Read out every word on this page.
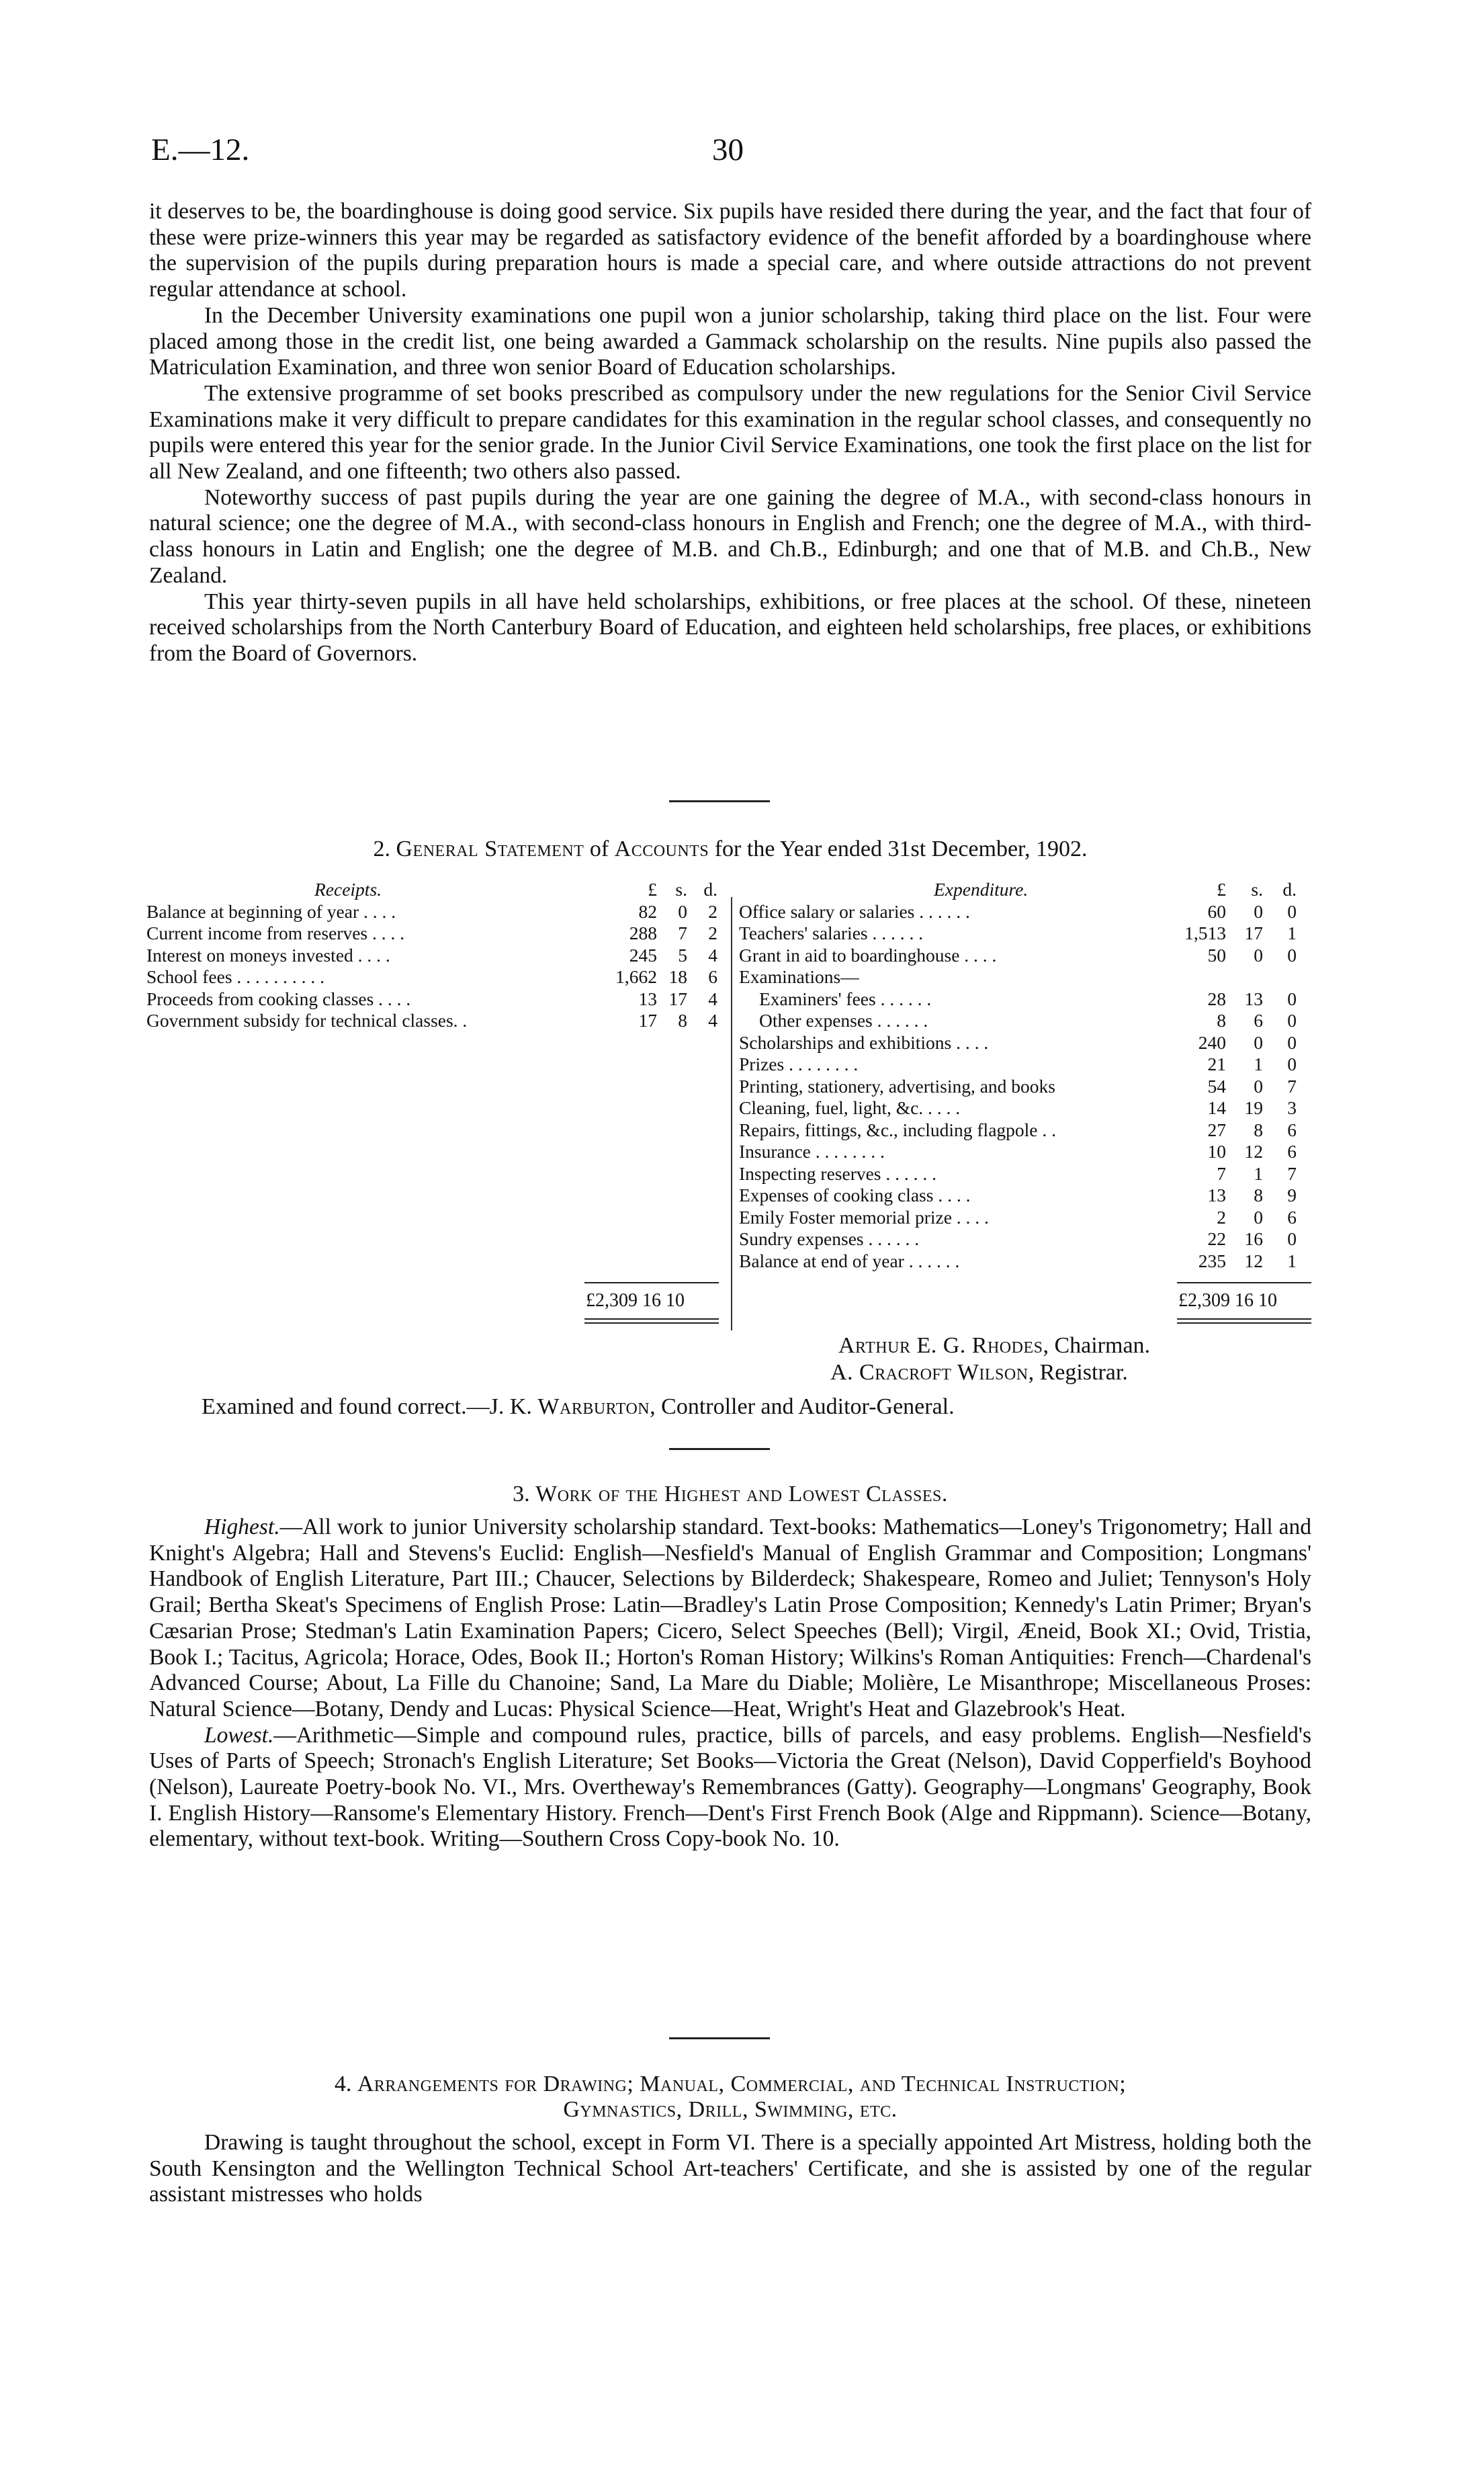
E.—12.	30

it deserves to be, the boardinghouse is doing good service. Six pupils have resided there during the year, and the fact that four of these were prize-winners this year may be regarded as satisfactory evidence of the benefit afforded by a boardinghouse where the supervision of the pupils during preparation hours is made a special care, and where outside attractions do not prevent regular attendance at school.

In the December University examinations one pupil won a junior scholarship, taking third place on the list. Four were placed among those in the credit list, one being awarded a Gammack scholarship on the results. Nine pupils also passed the Matriculation Examination, and three won senior Board of Education scholarships.

The extensive programme of set books prescribed as compulsory under the new regulations for the Senior Civil Service Examinations make it very difficult to prepare candidates for this examination in the regular school classes, and consequently no pupils were entered this year for the senior grade. In the Junior Civil Service Examinations, one took the first place on the list for all New Zealand, and one fifteenth; two others also passed.

Noteworthy success of past pupils during the year are one gaining the degree of M.A., with second-class honours in natural science; one the degree of M.A., with second-class honours in English and French; one the degree of M.A., with third-class honours in Latin and English; one the degree of M.B. and Ch.B., Edinburgh; and one that of M.B. and Ch.B., New Zealand.

This year thirty-seven pupils in all have held scholarships, exhibitions, or free places at the school. Of these, nineteen received scholarships from the North Canterbury Board of Education, and eighteen held scholarships, free places, or exhibitions from the Board of Governors.

2. General Statement of Accounts for the Year ended 31st December, 1902.
Receipts.	£ s. d.
Balance at beginning of year . . . .	82	0	2
Current income from reserves . . . .	288	7	2
Interest on moneys invested . . . .	245	5	4
School fees . . . . . . . . . .	1,662 18	6
Proceeds from cooking classes . . . .	13 17	4
Government subsidy for technical classes. .	17	8	4
Expenditure.	£	s.	d.
Office salary or salaries . . . . . .	60	0	0
Teachers' salaries . . . . . .	1,513	17	1
Grant in aid to boardinghouse . . . .	50	0	0
Examinations—
Examiners' fees . . . . . .	28	13	0
Other expenses . . . . . .	8	6	0
Scholarships and exhibitions . . . .	240	0	0
Prizes . . . . . . . .	21	1	0
Printing, stationery, advertising, and books	54	0	7
Cleaning, fuel, light, &c. . . . .	14	19	3
Repairs, fittings, &c., including flagpole . .	27	8	6
Insurance . . . . . . . .	10	12	6
Inspecting reserves . . . . . .	7	1	7
Expenses of cooking class . . . .	13	8	9
Emily Foster memorial prize . . . .	2	0	6
Sundry expenses . . . . . .	22	16	0
Balance at end of year . . . . . .	235	12	1
£2,309 16 10	£2,309 16 10
Arthur E. G. Rhodes, Chairman.
A. Cracroft Wilson, Registrar.
Examined and found correct.—J. K. Warburton, Controller and Auditor-General.
3. Work of the Highest and Lowest Classes.

Highest.—All work to junior University scholarship standard. Text-books: Mathematics—Loney's Trigonometry; Hall and Knight's Algebra; Hall and Stevens's Euclid: English—Nesfield's Manual of English Grammar and Composition; Longmans' Handbook of English Literature, Part III.; Chaucer, Selections by Bilderdeck; Shakespeare, Romeo and Juliet; Tennyson's Holy Grail; Bertha Skeat's Specimens of English Prose: Latin—Bradley's Latin Prose Composition; Kennedy's Latin Primer; Bryan's Cæsarian Prose; Stedman's Latin Examination Papers; Cicero, Select Speeches (Bell); Virgil, Æneid, Book XI.; Ovid, Tristia, Book I.; Tacitus, Agricola; Horace, Odes, Book II.; Horton's Roman History; Wilkins's Roman Antiquities: French—Chardenal's Advanced Course; About, La Fille du Chanoine; Sand, La Mare du Diable; Molière, Le Misanthrope; Miscellaneous Proses: Natural Science—Botany, Dendy and Lucas: Physical Science—Heat, Wright's Heat and Glazebrook's Heat.

Lowest.—Arithmetic—Simple and compound rules, practice, bills of parcels, and easy problems. English—Nesfield's Uses of Parts of Speech; Stronach's English Literature; Set Books—Victoria the Great (Nelson), David Copperfield's Boyhood (Nelson), Laureate Poetry-book No. VI., Mrs. Overtheway's Remembrances (Gatty). Geography—Longmans' Geography, Book I. English History—Ransome's Elementary History. French—Dent's First French Book (Alge and Rippmann). Science—Botany, elementary, without text-book. Writing—Southern Cross Copy-book No. 10.

4. Arrangements for Drawing; Manual, Commercial, and Technical Instruction;
Gymnastics, Drill, Swimming, etc.

Drawing is taught throughout the school, except in Form VI. There is a specially appointed Art Mistress, holding both the South Kensington and the Wellington Technical School Art-teachers' Certificate, and she is assisted by one of the regular assistant mistresses who holds
